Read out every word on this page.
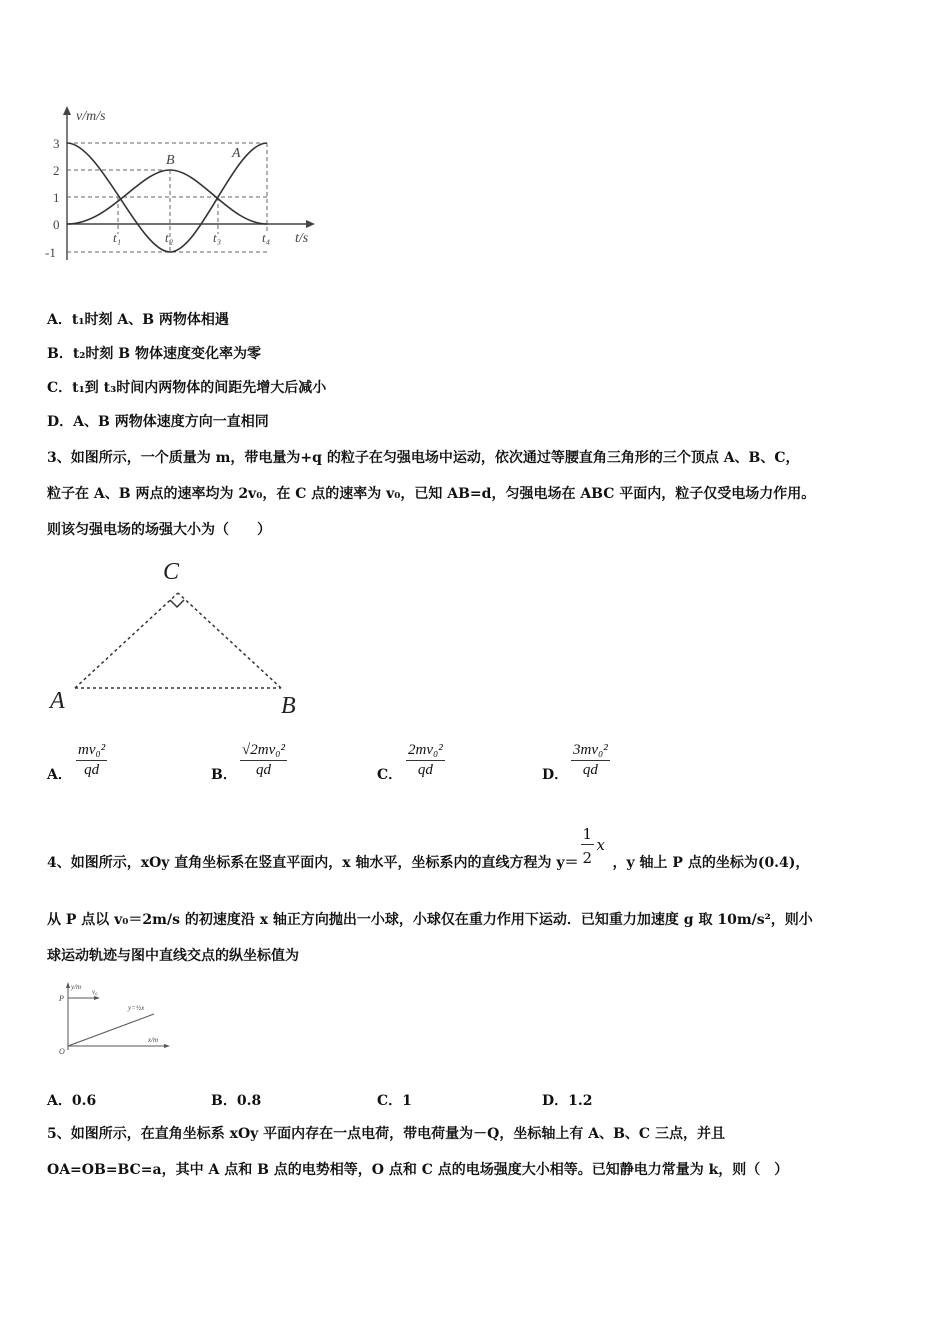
v/m/s
t/s
3
2
1
0
-1
t₁	t₂	t₃	t₄
A
B
A．t₁时刻 A、B 两物体相遇
B．t₂时刻 B 物体速度变化率为零
C．t₁到 t₃时间内两物体的间距先增大后减小
D．A、B 两物体速度方向一直相同
3、如图所示，一个质量为 m，带电量为+q 的粒子在匀强电场中运动，依次通过等腰直角三角形的三个顶点 A、B、C，
粒子在 A、B 两点的速率均为 2v₀，在 C 点的速率为 v₀，已知 AB=d，匀强电场在 ABC 平面内，粒子仅受电场力作用。
则该匀强电场的场强大小为（　　）
A	B
C
A． $\frac{\text{mv₀²}}{qd}$	B． $\frac{\text{√2mv₀²}}{qd}$	C． $\frac{\text{2mv₀²}}{qd}$	D． $\frac{\text{3mv₀²}}{qd}$
4、如图所示，xOy 直角坐标系在竖直平面内，x 轴水平，坐标系内的直线方程为 y＝
1
2
x
，y 轴上 P 点的坐标为(0.4)，
从 P 点以 v₀＝2m/s 的初速度沿 x 轴正方向抛出一小球，小球仅在重力作用下运动．已知重力加速度 g 取 10m/s²，则小
球运动轨迹与图中直线交点的纵坐标值为
y/m
x/m
P
O
v₀
y=½x
A．0.6	B．0.8	C．1	D．1.2
5、如图所示，在直角坐标系 xOy 平面内存在一点电荷，带电荷量为－Q，坐标轴上有 A、B、C 三点，并且
OA=OB=BC=a，其中 A 点和 B 点的电势相等，O 点和 C 点的电场强度大小相等。已知静电力常量为 k，则（　）
